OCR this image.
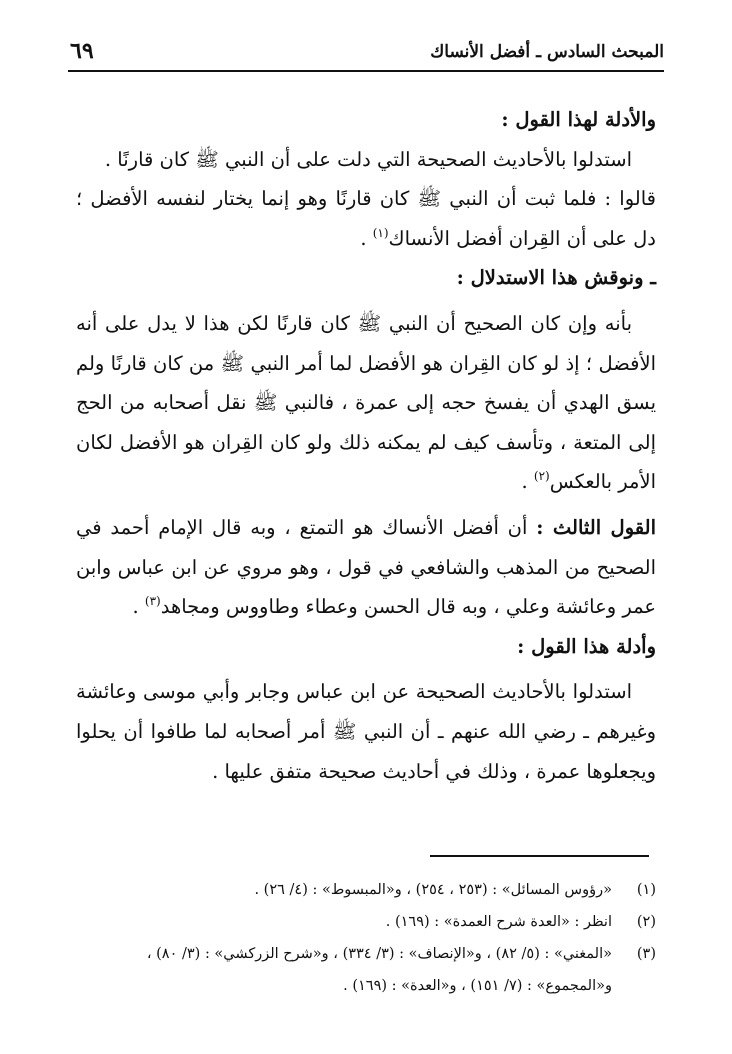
٦٩	المبحث السادس ـ أفضل الأنساك

والأدلة لهذا القول :

استدلوا بالأحاديث الصحيحة التي دلت على أن النبي ﷺ كان قارنًا .

قالوا : فلما ثبت أن النبي ﷺ كان قارنًا وهو إنما يختار لنفسه الأفضل ؛ دل على أن القِران أفضل الأنساك$^{(١)}$ .

ـ ونوقش هذا الاستدلال :

بأنه وإن كان الصحيح أن النبي ﷺ كان قارنًا لكن هذا لا يدل على أنه الأفضل ؛ إذ لو كان القِران هو الأفضل لما أمر النبي ﷺ من كان قارنًا ولم يسق الهدي أن يفسخ حجه إلى عمرة ، فالنبي ﷺ نقل أصحابه من الحج إلى المتعة ، وتأسف كيف لم يمكنه ذلك ولو كان القِران هو الأفضل لكان الأمر بالعكس$^{(٢)}$ .

القول الثالث : أن أفضل الأنساك هو التمتع ، وبه قال الإمام أحمد في الصحيح من المذهب والشافعي في قول ، وهو مروي عن ابن عباس وابن عمر وعائشة وعلي ، وبه قال الحسن وعطاء وطاووس ومجاهد$^{(٣)}$ .

وأدلة هذا القول :

استدلوا بالأحاديث الصحيحة عن ابن عباس وجابر وأبي موسى وعائشة وغيرهم ـ رضي الله عنهم ـ أن النبي ﷺ أمر أصحابه لما طافوا أن يحلوا ويجعلوها عمرة ، وذلك في أحاديث صحيحة متفق عليها .

(١)
«رؤوس المسائل» : (٢٥٣ ، ٢٥٤) ، و«المبسوط» : (٤/ ٢٦) .
(٢)
انظر : «العدة شرح العمدة» : (١٦٩) .
(٣)
«المغني» : (٥/ ٨٢) ، و«الإنصاف» : (٣/ ٣٣٤) ، و«شرح الزركشي» : (٣/ ٨٠) ،
و«المجموع» : (٧/ ١٥١) ، و«العدة» : (١٦٩) .
